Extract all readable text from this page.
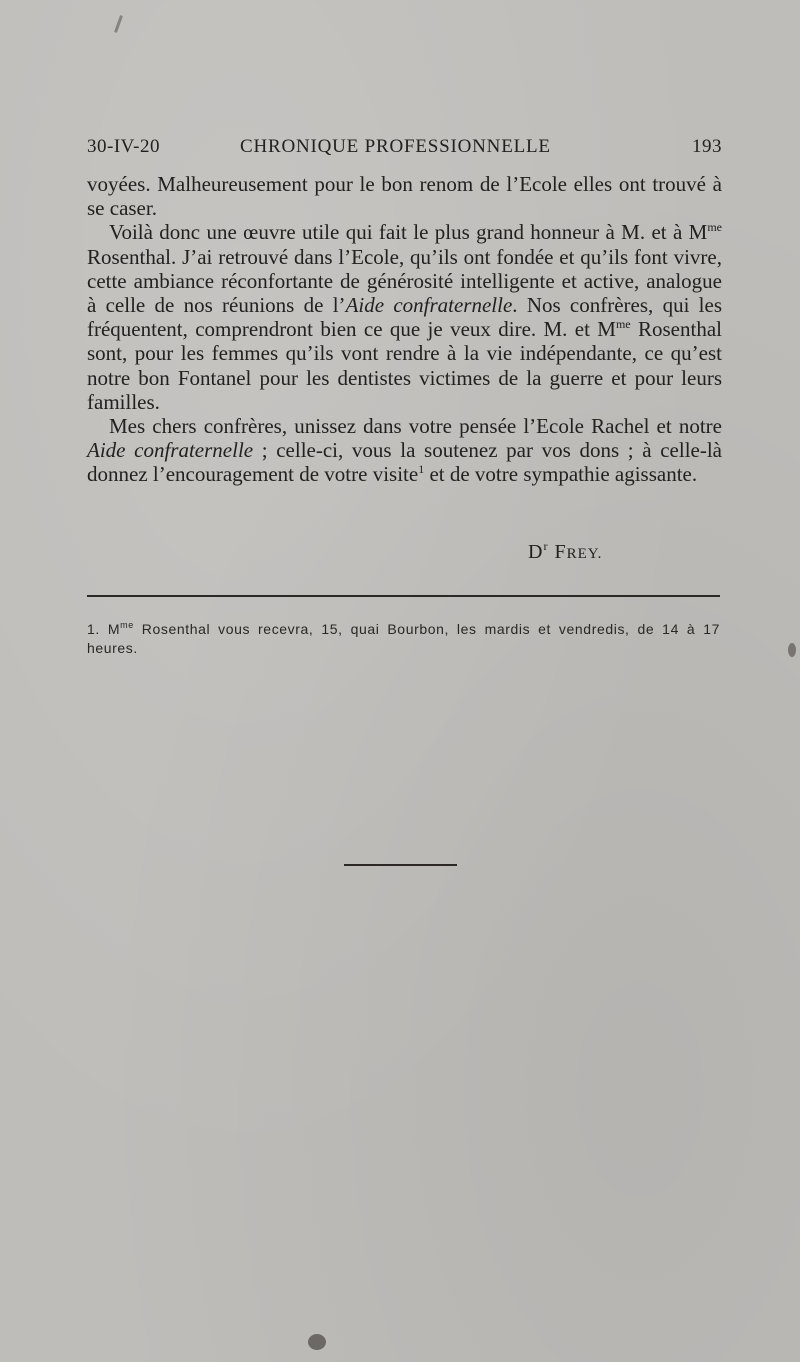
30-IV-20	CHRONIQUE PROFESSIONNELLE	193

voyées. Malheureusement pour le bon renom de l’Ecole elles ont trouvé à se caser.

Voilà donc une œuvre utile qui fait le plus grand honneur à M. et à $M^{me}$ Rosenthal. J’ai retrouvé dans l’Ecole, qu’ils ont fondée et qu’ils font vivre, cette ambiance réconfortante de générosité intelligente et active, analogue à celle de nos réunions de l’Aide confraternelle. Nos confrères, qui les fréquentent, comprendront bien ce que je veux dire. M. et $M^{me}$ Rosenthal sont, pour les femmes qu’ils vont rendre à la vie indépendante, ce qu’est notre bon Fontanel pour les dentistes victimes de la guerre et pour leurs familles.

Mes chers confrères, unissez dans votre pensée l’Ecole Rachel et notre Aide confraternelle ; celle-ci, vous la soutenez par vos dons ; à celle-là donnez l’encouragement de votre visite$^1$ et de votre sympathie agissante.

$D^r$ FREY.
1. $M^{me}$ Rosenthal vous recevra, 15, quai Bourbon, les mardis et vendredis, de 14 à 17 heures.
